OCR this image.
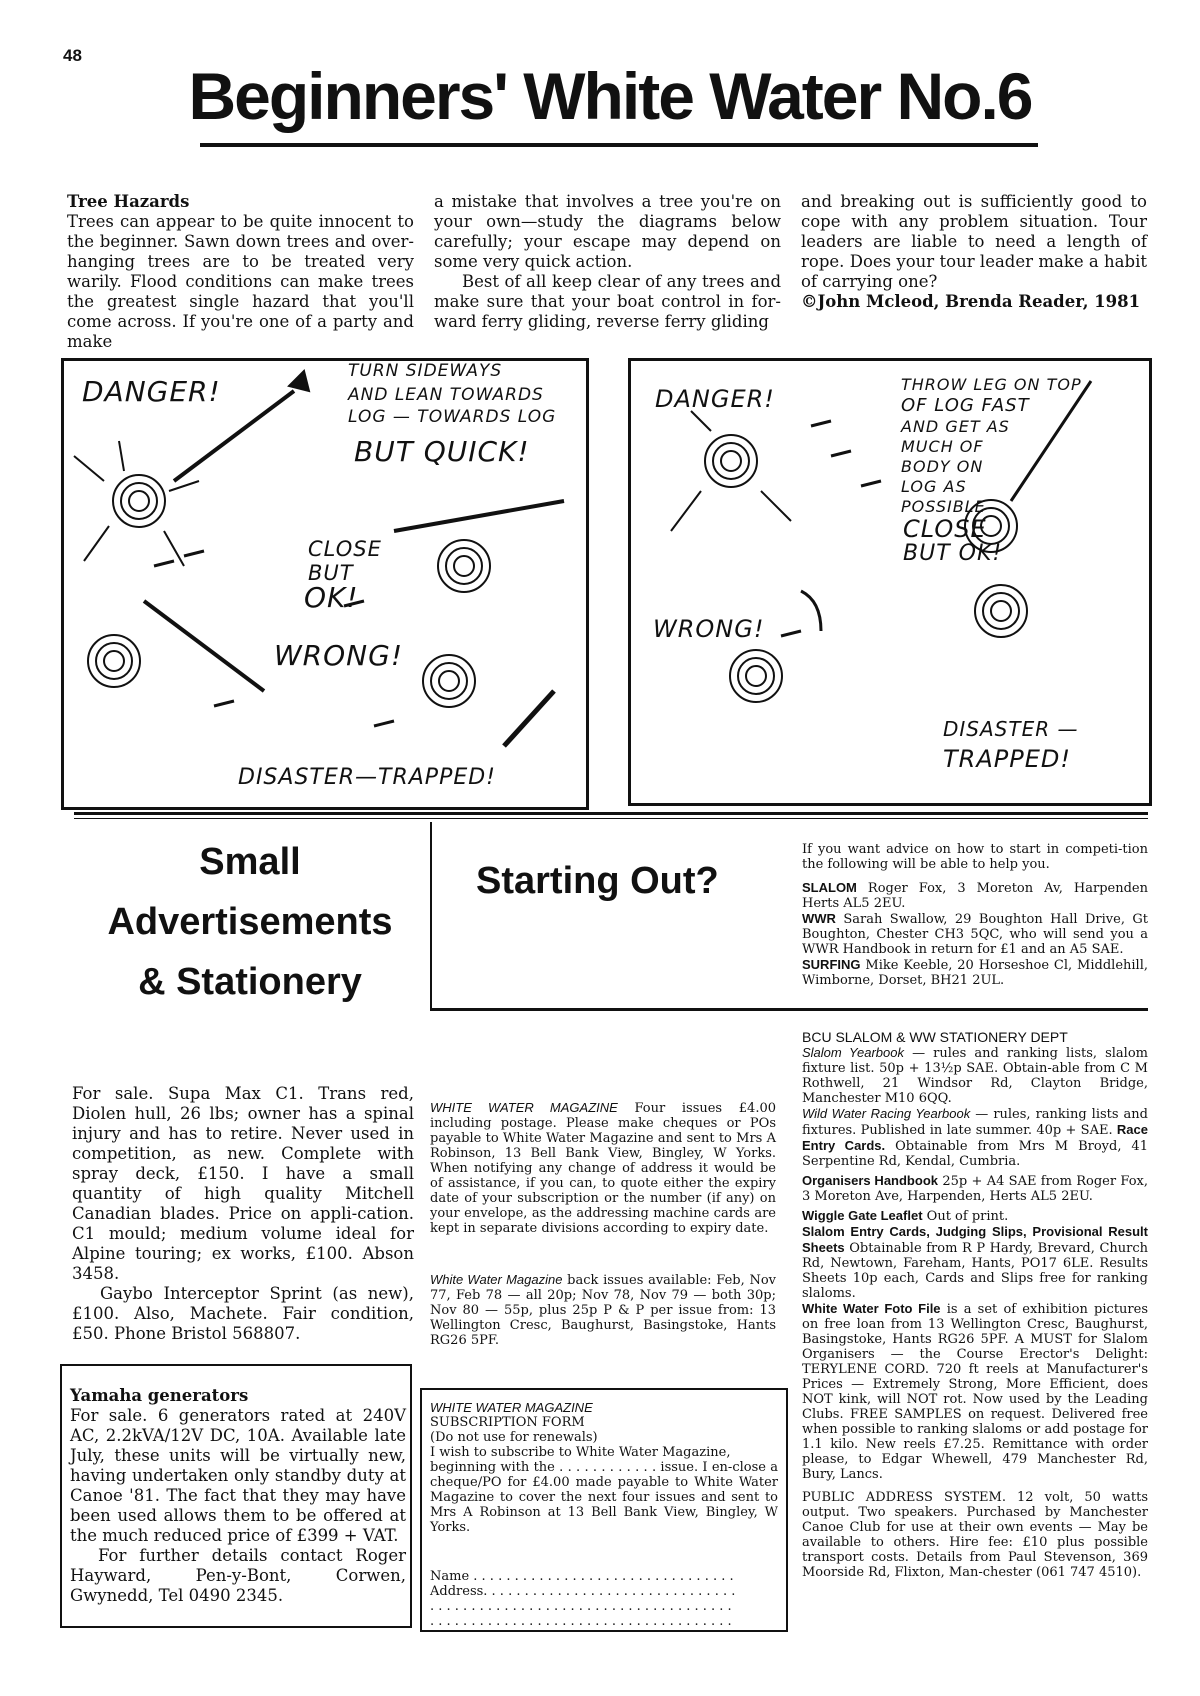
48
Beginners' White Water No.6

Tree Hazards

Trees can appear to be quite innocent to the beginner. Sawn down trees and over-hanging trees are to be treated very warily. Flood conditions can make trees the greatest single hazard that you'll come across. If you're one of a party and make

a mistake that involves a tree you're on your own—study the diagrams below carefully; your escape may depend on some very quick action.

Best of all keep clear of any trees and make sure that your boat control in for-ward ferry gliding, reverse ferry gliding

and breaking out is sufficiently good to cope with any problem situation. Tour leaders are liable to need a length of rope. Does your tour leader make a habit of carrying one?

©John Mcleod, Brenda Reader, 1981

DANGER!
TURN SIDEWAYS
AND LEAN TOWARDS
LOG — TOWARDS LOG
BUT QUICK!
CLOSE
BUT
OK!
WRONG!
DISASTER—TRAPPED!
DANGER!
THROW LEG ON TOP
OF LOG FAST
AND GET AS
MUCH OF
BODY ON
LOG AS
POSSIBLE
CLOSE
BUT OK!
WRONG!
DISASTER —
TRAPPED!
Small
Advertisements
& Stationery
Starting Out?

If you want advice on how to start in competi-tion the following will be able to help you.

SLALOM Roger Fox, 3 Moreton Av, Harpenden Herts AL5 2EU.

WWR Sarah Swallow, 29 Boughton Hall Drive, Gt Boughton, Chester CH3 5QC, who will send you a WWR Handbook in return for £1 and an A5 SAE.

SURFING Mike Keeble, 20 Horseshoe Cl, Middlehill, Wimborne, Dorset, BH21 2UL.

For sale. Supa Max C1. Trans red, Diolen hull, 26 lbs; owner has a spinal injury and has to retire. Never used in competition, as new. Complete with spray deck, £150. I have a small quantity of high quality Mitchell Canadian blades. Price on appli-cation. C1 mould; medium volume ideal for Alpine touring; ex works, £100. Abson 3458.

Gaybo Interceptor Sprint (as new), £100. Also, Machete. Fair condition, £50. Phone Bristol 568807.

Yamaha generators

For sale. 6 generators rated at 240V AC, 2.2kVA/12V DC, 10A. Available late July, these units will be virtually new, having undertaken only standby duty at Canoe '81. The fact that they may have been used allows them to be offered at the much reduced price of £399 + VAT.

For further details contact Roger Hayward, Pen-y-Bont, Corwen, Gwynedd, Tel 0490 2345.

WHITE WATER MAGAZINE Four issues £4.00 including postage. Please make cheques or POs payable to White Water Magazine and sent to Mrs A Robinson, 13 Bell Bank View, Bingley, W Yorks. When notifying any change of address it would be of assistance, if you can, to quote either the expiry date of your subscription or the number (if any) on your envelope, as the addressing machine cards are kept in separate divisions according to expiry date.

White Water Magazine back issues available: Feb, Nov 77, Feb 78 — all 20p; Nov 78, Nov 79 — both 30p; Nov 80 — 55p, plus 25p P & P per issue from: 13 Wellington Cresc, Baughurst, Basingstoke, Hants RG26 5PF.

WHITE WATER MAGAZINE

SUBSCRIPTION FORM

(Do not use for renewals)

I wish to subscribe to White Water Magazine,

beginning with the . . . . . . . . . . . . issue. I en-close a cheque/PO for £4.00 made payable to White Water Magazine to cover the next four issues and sent to Mrs A Robinson at 13 Bell Bank View, Bingley, W Yorks.

Name . . . . . . . . . . . . . . . . . . . . . . . . . . . . . . . .

Address. . . . . . . . . . . . . . . . . . . . . . . . . . . . . . .

. . . . . . . . . . . . . . . . . . . . . . . . . . . . . . . . . . . . .

. . . . . . . . . . . . . . . . . . . . . . . . . . . . . . . . . . . . .

BCU SLALOM & WW STATIONERY DEPT

Slalom Yearbook — rules and ranking lists, slalom fixture list. 50p + 13½p SAE. Obtain-able from C M Rothwell, 21 Windsor Rd, Clayton Bridge, Manchester M10 6QQ.

Wild Water Racing Yearbook — rules, ranking lists and fixtures. Published in late summer. 40p + SAE. Race Entry Cards. Obtainable from Mrs M Broyd, 41 Serpentine Rd, Kendal, Cumbria.

Organisers Handbook 25p + A4 SAE from Roger Fox, 3 Moreton Ave, Harpenden, Herts AL5 2EU.

Wiggle Gate Leaflet Out of print.

Slalom Entry Cards, Judging Slips, Provisional Result Sheets Obtainable from R P Hardy, Brevard, Church Rd, Newtown, Fareham, Hants, PO17 6LE. Results Sheets 10p each, Cards and Slips free for ranking slaloms.

White Water Foto File is a set of exhibition pictures on free loan from 13 Wellington Cresc, Baughurst, Basingstoke, Hants RG26 5PF. A MUST for Slalom Organisers — the Course Erector's Delight: TERYLENE CORD. 720 ft reels at Manufacturer's Prices — Extremely Strong, More Efficient, does NOT kink, will NOT rot. Now used by the Leading Clubs. FREE SAMPLES on request. Delivered free when possible to ranking slaloms or add postage for 1.1 kilo. New reels £7.25. Remittance with order please, to Edgar Whewell, 479 Manchester Rd, Bury, Lancs.

PUBLIC ADDRESS SYSTEM. 12 volt, 50 watts output. Two speakers. Purchased by Manchester Canoe Club for use at their own events — May be available to others. Hire fee: £10 plus possible transport costs. Details from Paul Stevenson, 369 Moorside Rd, Flixton, Man-chester (061 747 4510).
